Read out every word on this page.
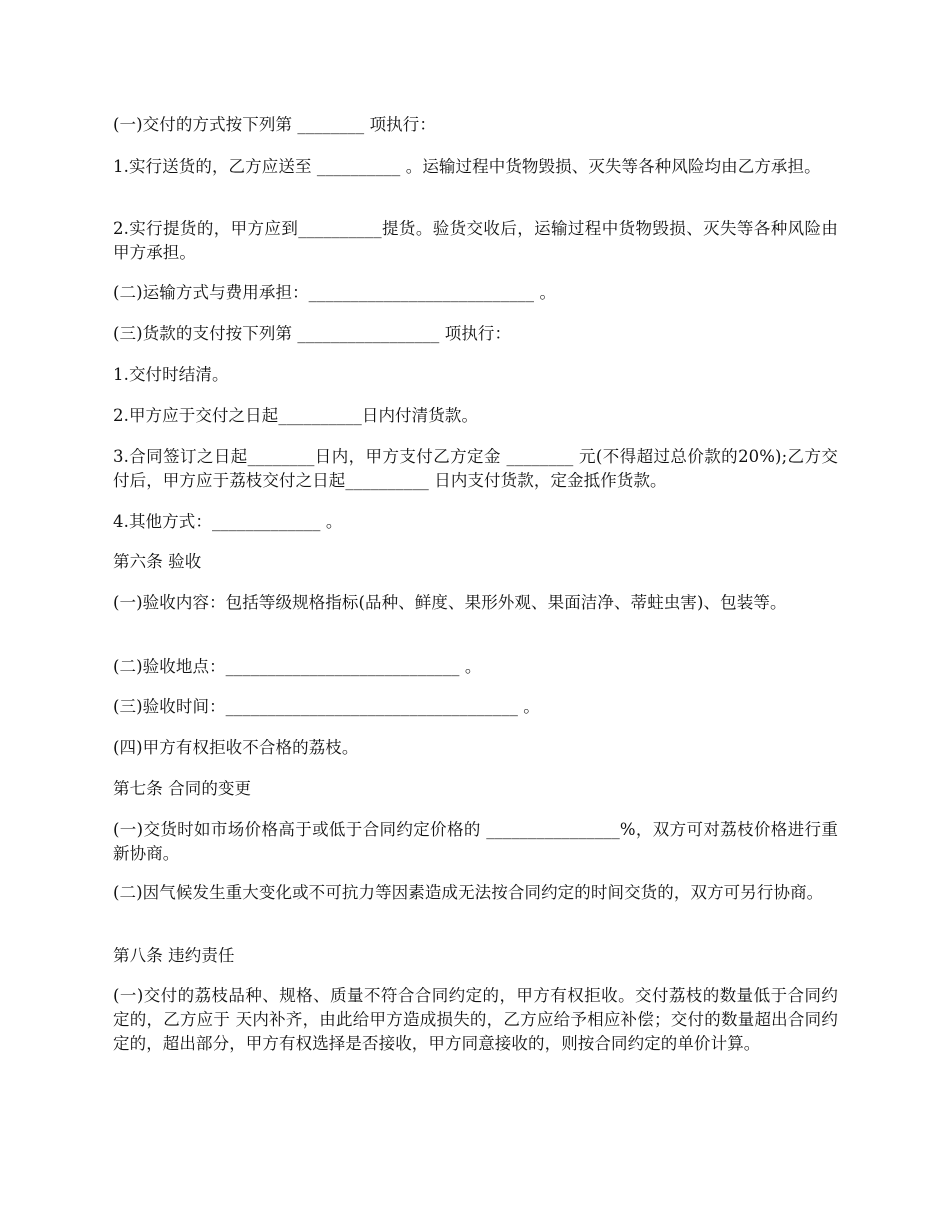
(一)交付的方式按下列第 ________ 项执行：

1.实行送货的，乙方应送至 __________ 。运输过程中货物毁损、灭失等各种风险均由乙方承担。

2.实行提货的，甲方应到__________提货。验货交收后，运输过程中货物毁损、灭失等各种风险由甲方承担。

(二)运输方式与费用承担：___________________________ 。

(三)货款的支付按下列第 _________________ 项执行：

1.交付时结清。

2.甲方应于交付之日起__________日内付清货款。

3.合同签订之日起________日内，甲方支付乙方定金 ________ 元(不得超过总价款的20%);乙方交付后，甲方应于荔枝交付之日起__________ 日内支付货款，定金抵作货款。

4.其他方式：_____________ 。

第六条 验收

(一)验收内容：包括等级规格指标(品种、鲜度、果形外观、果面洁净、蒂蛀虫害)、包装等。

(二)验收地点：____________________________ 。

(三)验收时间：___________________________________ 。

(四)甲方有权拒收不合格的荔枝。

第七条 合同的变更

(一)交货时如市场价格高于或低于合同约定价格的 ________________%，双方可对荔枝价格进行重新协商。

(二)因气候发生重大变化或不可抗力等因素造成无法按合同约定的时间交货的，双方可另行协商。

第八条 违约责任

(一)交付的荔枝品种、规格、质量不符合合同约定的，甲方有权拒收。交付荔枝的数量低于合同约定的，乙方应于 天内补齐，由此给甲方造成损失的，乙方应给予相应补偿；交付的数量超出合同约定的，超出部分，甲方有权选择是否接收，甲方同意接收的，则按合同约定的单价计算。
